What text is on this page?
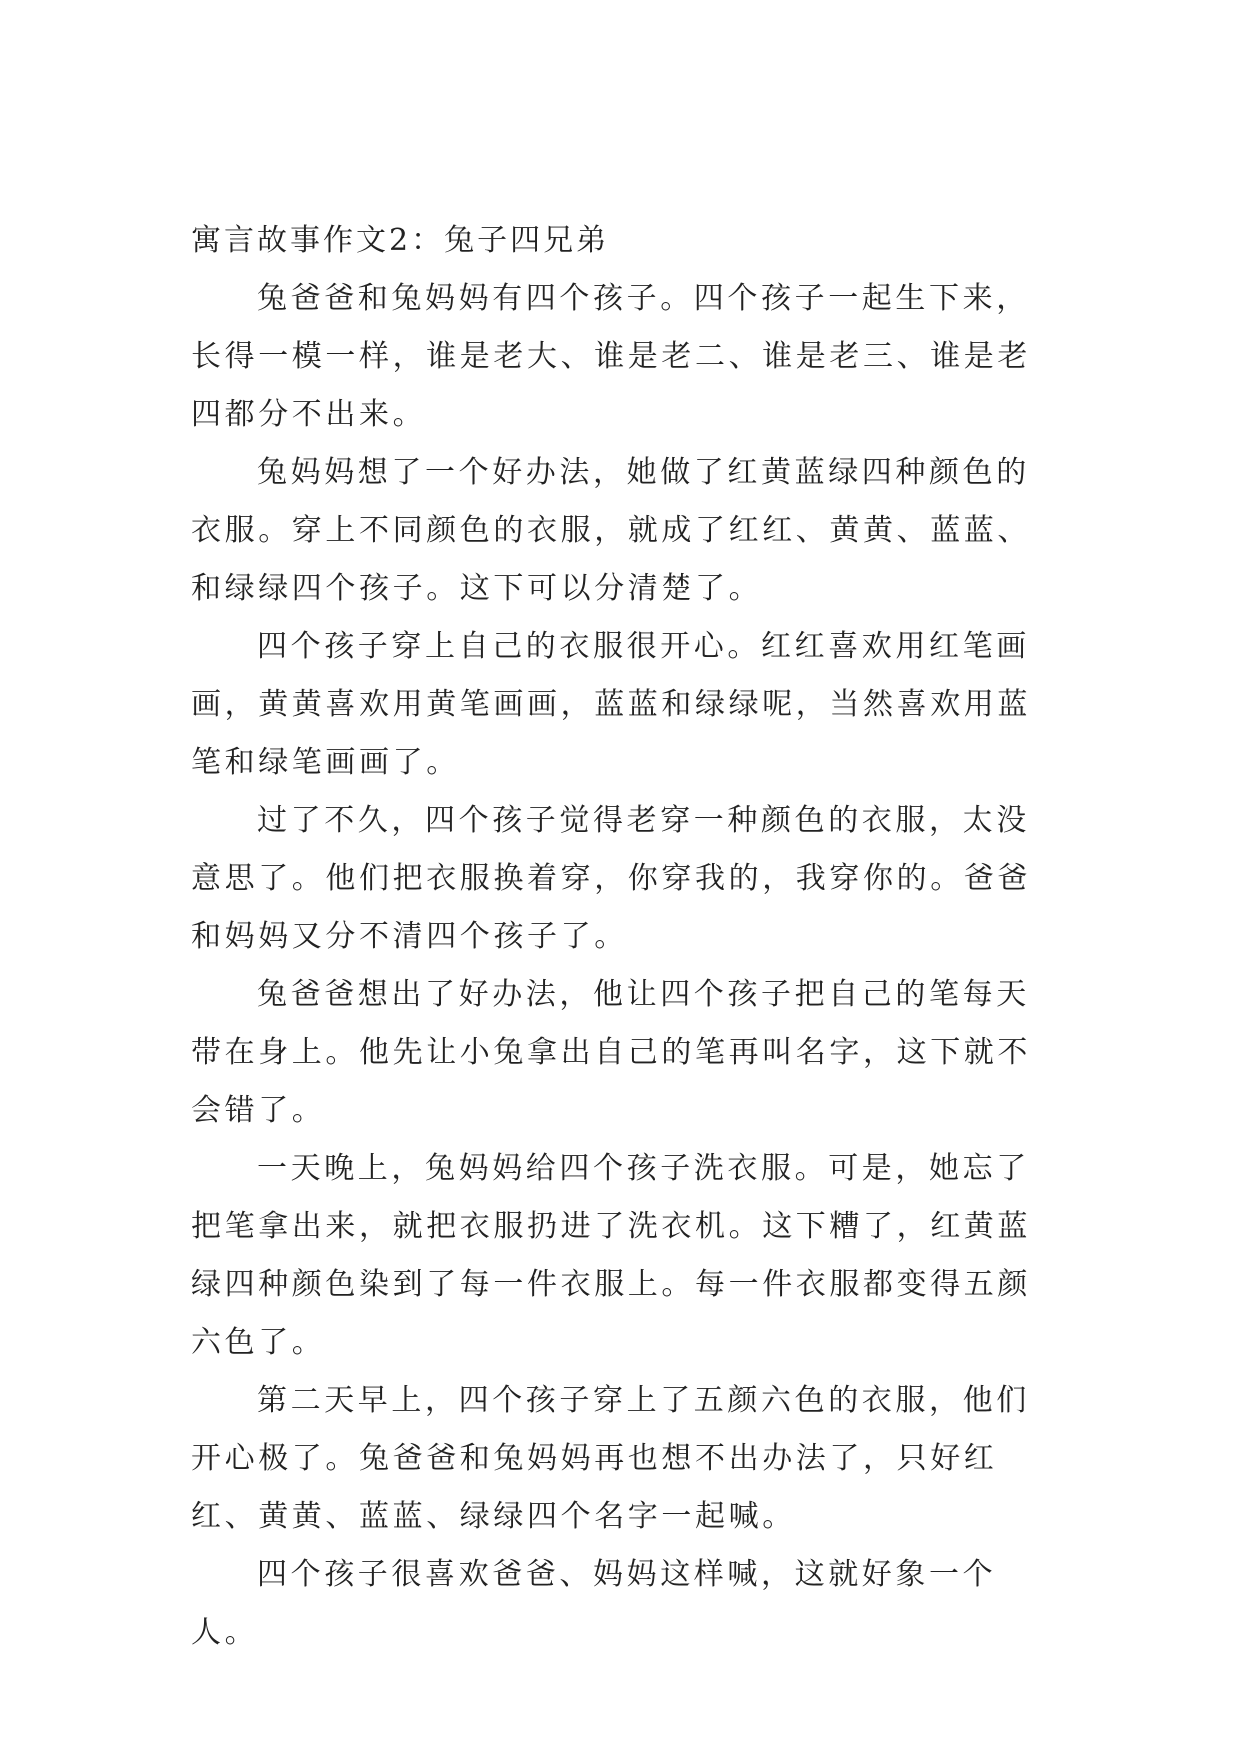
寓言故事作文2：兔子四兄弟

兔爸爸和兔妈妈有四个孩子。四个孩子一起生下来，长得一模一样，谁是老大、谁是老二、谁是老三、谁是老四都分不出来。

兔妈妈想了一个好办法，她做了红黄蓝绿四种颜色的衣服。穿上不同颜色的衣服，就成了红红、黄黄、蓝蓝、和绿绿四个孩子。这下可以分清楚了。

四个孩子穿上自己的衣服很开心。红红喜欢用红笔画画，黄黄喜欢用黄笔画画，蓝蓝和绿绿呢，当然喜欢用蓝笔和绿笔画画了。

过了不久，四个孩子觉得老穿一种颜色的衣服，太没意思了。他们把衣服换着穿，你穿我的，我穿你的。爸爸和妈妈又分不清四个孩子了。

兔爸爸想出了好办法，他让四个孩子把自己的笔每天带在身上。他先让小兔拿出自己的笔再叫名字，这下就不会错了。

一天晚上，兔妈妈给四个孩子洗衣服。可是，她忘了把笔拿出来，就把衣服扔进了洗衣机。这下糟了，红黄蓝绿四种颜色染到了每一件衣服上。每一件衣服都变得五颜六色了。

第二天早上，四个孩子穿上了五颜六色的衣服，他们开心极了。兔爸爸和兔妈妈再也想不出办法了，只好红红、黄黄、蓝蓝、绿绿四个名字一起喊。

四个孩子很喜欢爸爸、妈妈这样喊，这就好象一个人。
